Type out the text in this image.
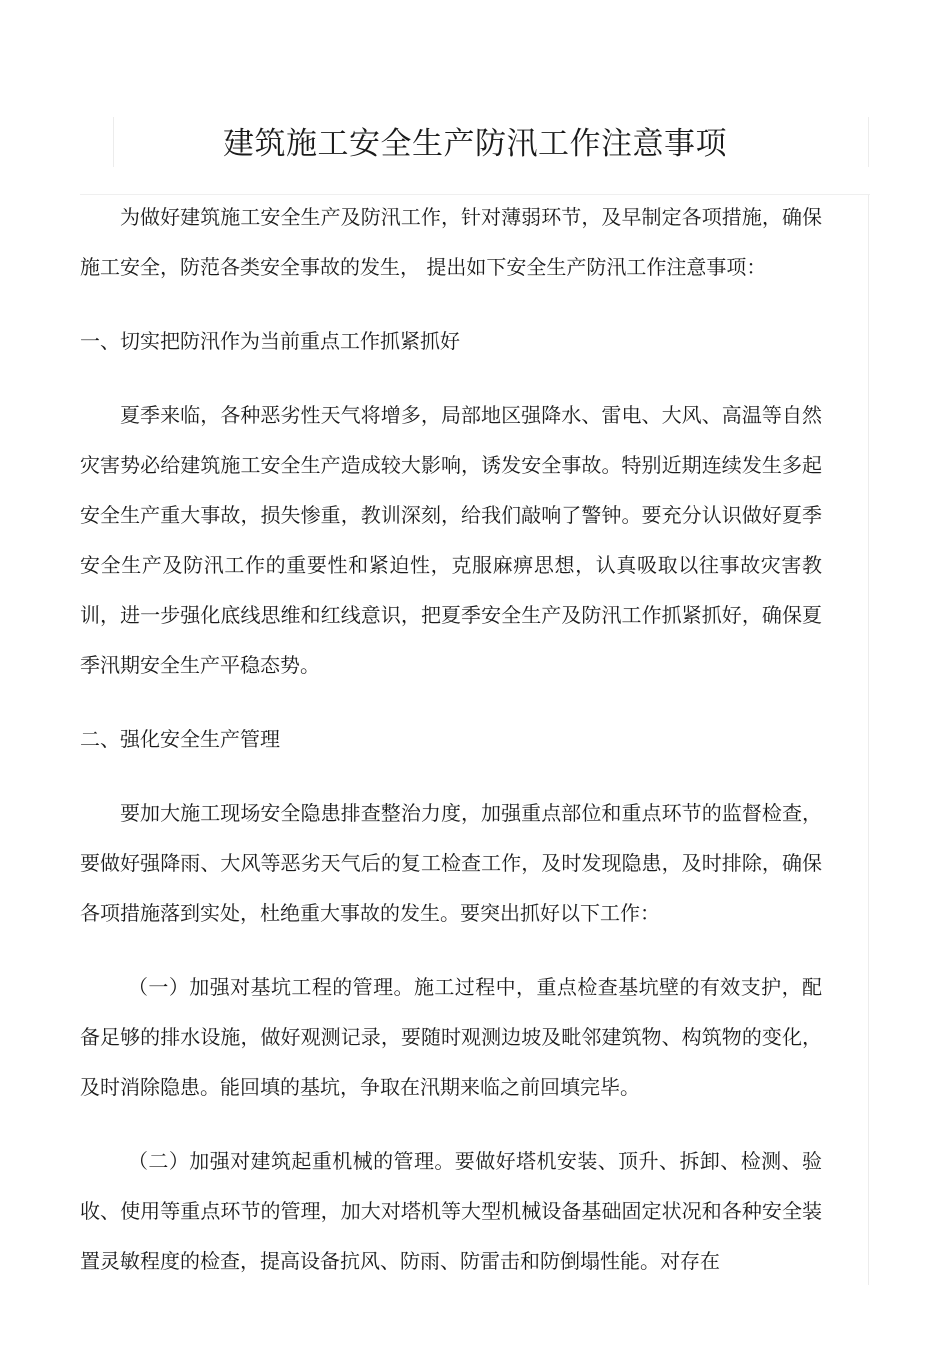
建筑施工安全生产防汛工作注意事项

为做好建筑施工安全生产及防汛工作，针对薄弱环节，及早制定各项措施，确保施工安全，防范各类安全事故的发生， 提出如下安全生产防汛工作注意事项：

一、切实把防汛作为当前重点工作抓紧抓好

夏季来临，各种恶劣性天气将增多，局部地区强降水、雷电、大风、高温等自然灾害势必给建筑施工安全生产造成较大影响，诱发安全事故。特别近期连续发生多起安全生产重大事故，损失惨重，教训深刻，给我们敲响了警钟。要充分认识做好夏季安全生产及防汛工作的重要性和紧迫性，克服麻痹思想，认真吸取以往事故灾害教训，进一步强化底线思维和红线意识，把夏季安全生产及防汛工作抓紧抓好，确保夏季汛期安全生产平稳态势。

二、强化安全生产管理

要加大施工现场安全隐患排查整治力度，加强重点部位和重点环节的监督检查，要做好强降雨、大风等恶劣天气后的复工检查工作，及时发现隐患，及时排除，确保各项措施落到实处，杜绝重大事故的发生。要突出抓好以下工作：

（一）加强对基坑工程的管理。施工过程中，重点检查基坑壁的有效支护，配备足够的排水设施，做好观测记录，要随时观测边坡及毗邻建筑物、构筑物的变化，及时消除隐患。能回填的基坑，争取在汛期来临之前回填完毕。

（二）加强对建筑起重机械的管理。要做好塔机安装、顶升、拆卸、检测、验收、使用等重点环节的管理，加大对塔机等大型机械设备基础固定状况和各种安全装置灵敏程度的检查，提高设备抗风、防雨、防雷击和防倒塌性能。对存在
